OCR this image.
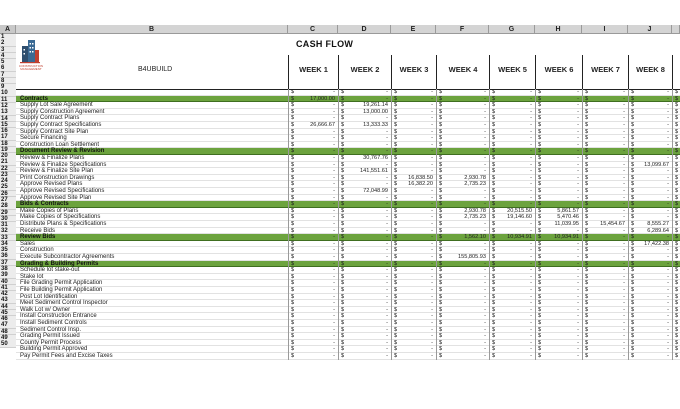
A	B	C	D	E	F	G	H	I	J
1
2
3
4
5
6
7
8
9
10
11
12
13
14
15
16
17
18
19
20
21
22
23
24
25
26
27
28
29
30
31
32
33
34
35
36
37
38
39
40
41
42
43
44
45
46
47
48
49
50
CONSTRUCTION MANAGEMENT	B4UBUILD
CASH FLOW
WEEK 1	WEEK 2	WEEK 3	WEEK 4	WEEK 5	WEEK 6	WEEK 7	WEEK 8
$	- $	- $	- $	- $	- $	- $	- $	- $
Contracts	$	17,000.00 $	- $	- $	- $	- $	- $	- $	- $
Supply Lot Sale Agreement	$	- $	19,261.14 $	- $	- $	- $	- $	- $	- $
Supply Construction Agreement	$	- $	13,000.00 $	- $	- $	- $	- $	- $	- $
Supply Contract Plans	$	- $	- $	- $	- $	- $	- $	- $	- $
Supply Contract Specifications	$	26,666.67 $	13,333.33 $	- $	- $	- $	- $	- $	- $
Supply Contract Site Plan	$	- $	- $	- $	- $	- $	- $	- $	- $
Secure Financing	$	- $	- $	- $	- $	- $	- $	- $	- $
Construction Loan Settlement	$	- $	- $	- $	- $	- $	- $	- $	- $
Document Review & Revision	$	- $	- $	- $	- $	- $	- $	- $	- $
Review & Finalize Plans	$	- $	30,767.76 $	- $	- $	- $	- $	- $	- $
Review & Finalize Specifications	$	- $	- $	- $	- $	- $	- $	- $ 13,099.67 $
Review & Finalize Site Plan	$	- $	141,551.61 $	- $	- $	- $	- $	- $	- $
Print Construction Drawings	$	- $	- $ 16,838.50 $	2,930.78 $	- $	- $	- $	- $
Approve Revised Plans	$	- $	- $ 16,382.20 $	2,735.23 $	- $	- $	- $	- $
Approve Revised Specifications	$	- $	72,048.99 $	- $	- $	- $	- $	- $	- $
Approve Revised Site Plan	$	- $	- $	- $	- $	- $	- $	- $	- $
Bids & Contracts	$	- $	- $	- $	- $	- $	- $	- $	- $
Make Copies of Plans	$	- $	- $	- $	2,930.78 $ 20,515.50 $	5,861.57 $	- $	- $
Make Copies of Specifications	$	- $	- $	- $	2,735.23 $ 19,146.60 $	5,470.46 $	- $	- $
Distribute Plans & Specifications	$	- $	- $	- $	- $	- $ 11,039.95 $ 15,454.67 $ 8,555.27 $
Receive Bids	$	- $	- $	- $	- $	- $	- $	- $ 6,289.64 $
Review Bids	$	- $	- $	- $	1,562.10 $ 10,934.91 $ 10,934.91 $	- $	- $
Sales	$	- $	- $	- $	- $	- $	- $	- $ 17,422.38 $
Construction	$	- $	- $	- $	- $	- $	- $	- $	- $
Execute Subcontractor Agreements	$	- $	- $	- $	155,805.93 $	- $	- $	- $	- $
Grading & Building Permits	$	- $	- $	- $	- $	- $	- $	- $	- $
Schedule lot stake-out	$	- $	- $	- $	- $	- $	- $	- $	- $
Stake lot	$	- $	- $	- $	- $	- $	- $	- $	- $
File Grading Permit Application	$	- $	- $	- $	- $	- $	- $	- $	- $
File Building Permit Application	$	- $	- $	- $	- $	- $	- $	- $	- $
Post Lot Identification	$	- $	- $	- $	- $	- $	- $	- $	- $
Meet Sediment Control Inspector	$	- $	- $	- $	- $	- $	- $	- $	- $
Walk Lot w/ Owner	$	- $	- $	- $	- $	- $	- $	- $	- $
Install Construction Entrance	$	- $	- $	- $	- $	- $	- $	- $	- $
Install Sediment Controls	$	- $	- $	- $	- $	- $	- $	- $	- $
Sediment Control Insp.	$	- $	- $	- $	- $	- $	- $	- $	- $
Grading Permit Issued	$	- $	- $	- $	- $	- $	- $	- $	- $
County Permit Process	$	- $	- $	- $	- $	- $	- $	- $	- $
Building Permit Approved	$	- $	- $	- $	- $	- $	- $	- $	- $
Pay Permit Fees and Excise Taxes	$	- $	- $	- $	- $	- $	- $	- $	- $
